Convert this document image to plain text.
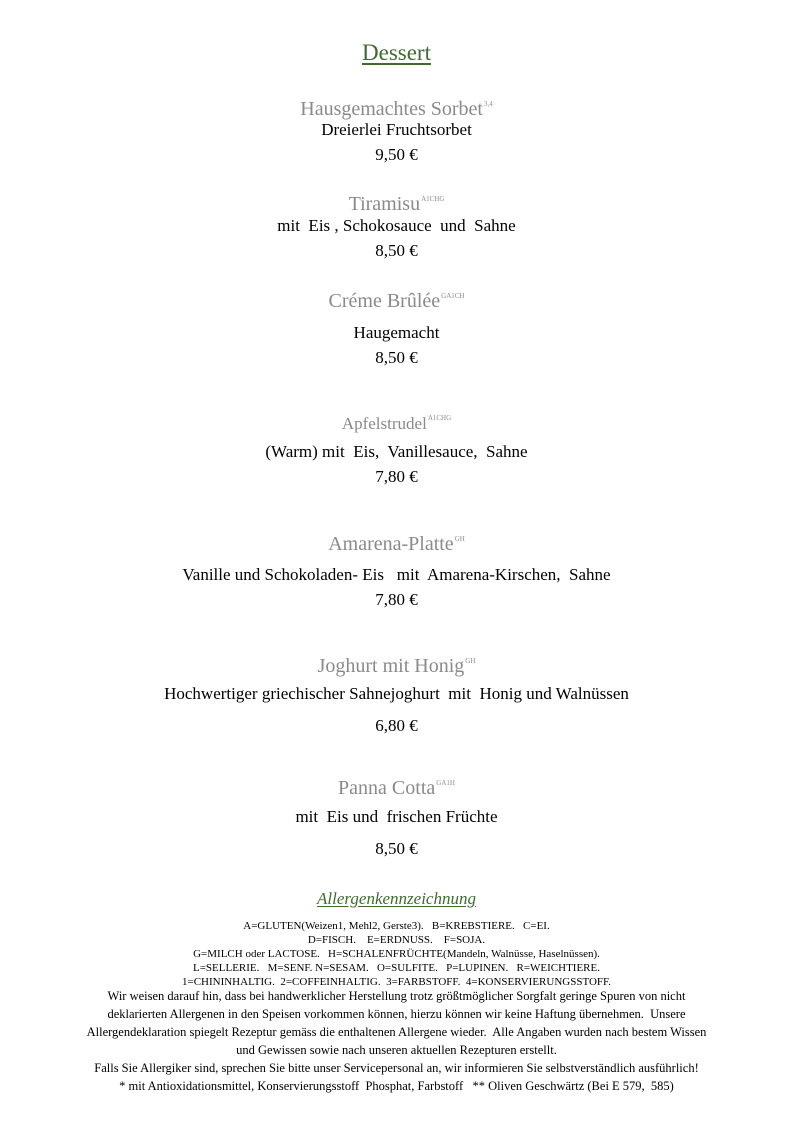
Dessert
Hausgemachtes Sorbet$^{3,4}$
Dreierlei Fruchtsorbet
9,50 €
Tiramisu$^{A1CHG}$
mit  Eis , Schokosauce  und  Sahne
8,50 €
Créme Brûlée$^{GA1CH}$
Haugemacht
8,50 €
Apfelstrudel$^{A1CHG}$
(Warm) mit  Eis,  Vanillesauce,  Sahne
7,80 €
Amarena-Platte$^{GH}$
Vanille und Schokoladen- Eis   mit  Amarena-Kirschen,  Sahne
7,80 €
Joghurt mit Honig$^{GH}$
Hochwertiger griechischer Sahnejoghurt  mit  Honig und Walnüssen
6,80 €
Panna Cotta$^{GA1H}$
mit  Eis und  frischen Früchte
8,50 €
Allergenkennzeichnung
A=GLUTEN(Weizen1, Mehl2, Gerste3).   B=KREBSTIERE.   C=EI.
D=FISCH.    E=ERDNUSS.    F=SOJA.
G=MILCH oder LACTOSE.   H=SCHALENFRÜCHTE(Mandeln, Walnüsse, Haselnüssen).
L=SELLERIE.   M=SENF. N=SESAM.   O=SULFITE.   P=LUPINEN.   R=WEICHTIERE.
1=CHININHALTIG.  2=COFFEINHALTIG.  3=FARBSTOFF.  4=KONSERVIERUNGSSTOFF.
Wir weisen darauf hin, dass bei handwerklicher Herstellung trotz größtmöglicher Sorgfalt geringe Spuren von nicht
deklarierten Allergenen in den Speisen vorkommen können, hierzu können wir keine Haftung übernehmen.  Unsere
Allergendeklaration spiegelt Rezeptur gemäss die enthaltenen Allergene wieder.  Alle Angaben wurden nach bestem Wissen
und Gewissen sowie nach unseren aktuellen Rezepturen erstellt.
Falls Sie Allergiker sind, sprechen Sie bitte unser Servicepersonal an, wir informieren Sie selbstverständlich ausführlich!
* mit Antioxidationsmittel, Konservierungsstoff  Phosphat, Farbstoff   ** Oliven Geschwärtz (Bei E 579,  585)
